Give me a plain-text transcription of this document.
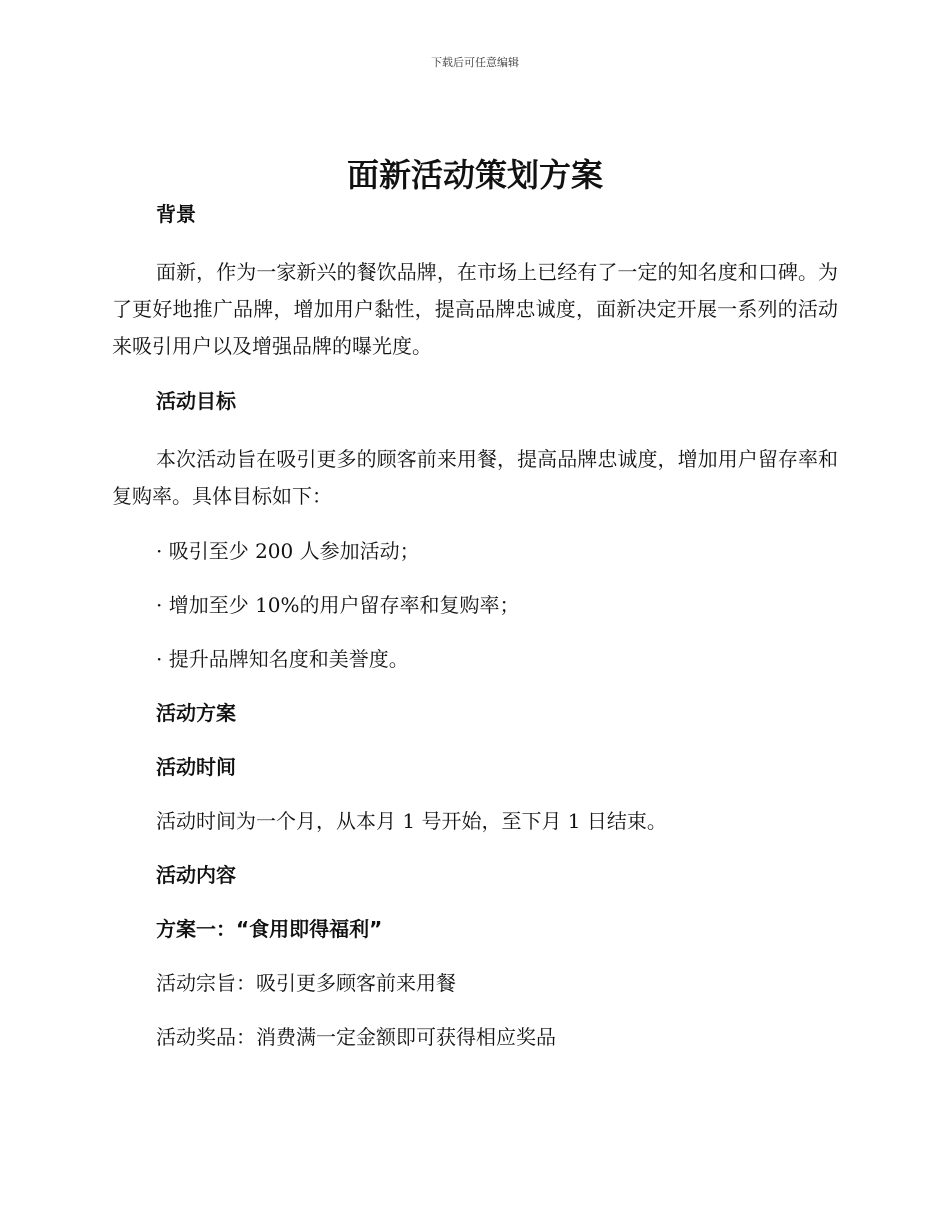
下载后可任意编辑
面新活动策划方案
背景

面新，作为一家新兴的餐饮品牌，在市场上已经有了一定的知名度和口碑。为了更好地推广品牌，增加用户黏性，提高品牌忠诚度，面新决定开展一系列的活动来吸引用户以及增强品牌的曝光度。

活动目标

本次活动旨在吸引更多的顾客前来用餐，提高品牌忠诚度，增加用户留存率和复购率。具体目标如下：

· 吸引至少 200 人参加活动；
· 增加至少 10%的用户留存率和复购率；
· 提升品牌知名度和美誉度。
活动方案
活动时间
活动时间为一个月，从本月 1 号开始，至下月 1 日结束。
活动内容
方案一：“食用即得福利”
活动宗旨：吸引更多顾客前来用餐
活动奖品：消费满一定金额即可获得相应奖品
